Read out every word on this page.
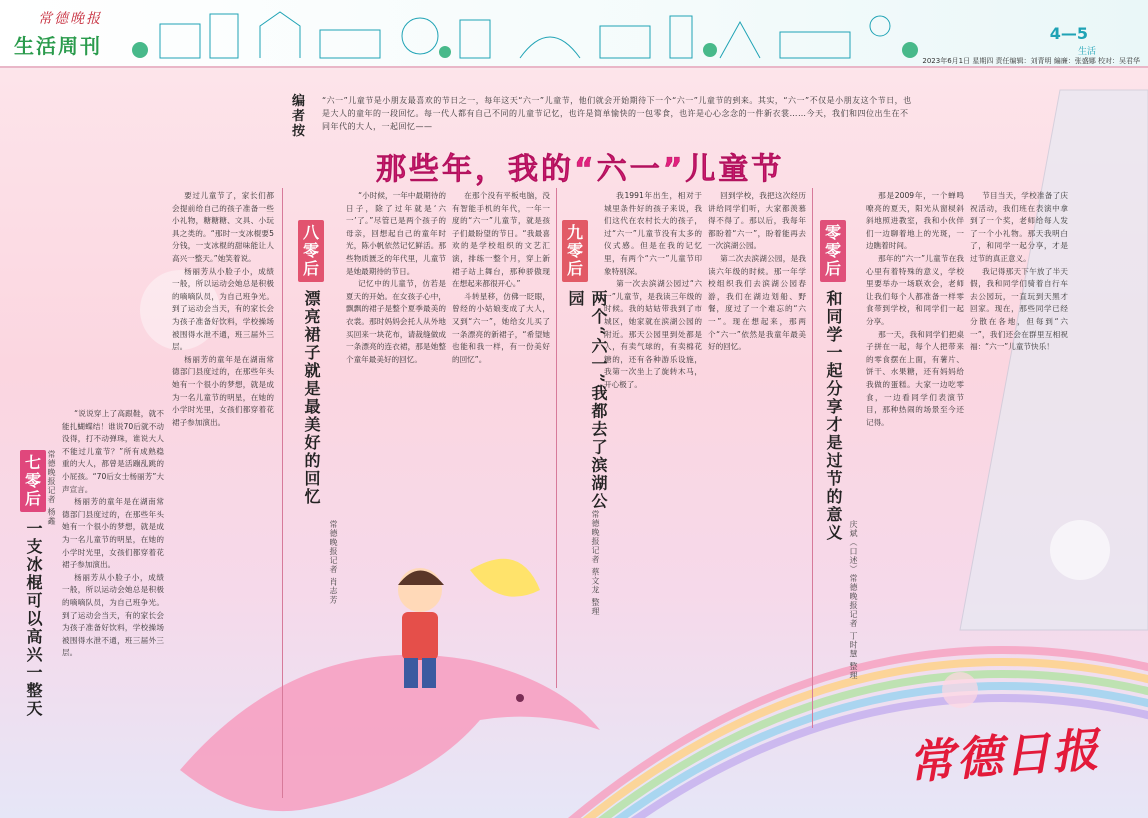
常德晚报
生活周刊
4—5
生活
2023年6月1日 星期四 责任编辑：刘青明 編廉：张盛娜 校对：吴君华
编者按
“六一”儿童节是小朋友最喜欢的节日之一，每年这天“六一”儿童节，他们就会开始期待下一个“六一”儿童节的到来。其实，“六一”不仅是小朋友这个节日，也是大人的童年的一段回忆。每一代人都有自己不同的儿童节记忆，也许是简单愉快的一包零食，也许是心心念念的一件新衣裳……今天，我们和四位出生在不同年代的大人，一起回忆——
那些年，我的“六一”儿童节
七零后
一支冰棍可以高兴一整天
常德晚报记者 杨鑫

“说说穿上了高跟鞋，就不能扎蝴蝶结！谁说70后就不动没得，打不动弹珠，谁说大人不能过儿童节？”所有成熟稳重的大人，都曾是活蹦乱跳的小屁孩。“70后女士杨丽芳”大声宣言。

杨丽芳的童年是在湖南常德部门县度过的，在那些年头她有一个很小的梦想，就是成为一名儿童节的明星，在她的小学时光里，女孩们都穿着花裙子参加演出。

杨丽芳从小脸子小，成绩一般，所以运动会她总是积极的嘀嘀队员，为自己班争光。到了运动会当天，有的家长会为孩子准备好饮料，学校操场被围得水泄不通，班三届外三层。

要过儿童节了，家长们都会提前给自己的孩子准备一些小礼物，糖糖糖、文具、小玩具之类的。“那时一支冰棍要5分钱，一支冰棍的甜味能让人高兴一整天。”她笑着说。

杨丽芳从小脸子小，成绩一般，所以运动会她总是积极的嘀嘀队员，为自己班争光。到了运动会当天，有的家长会为孩子准备好饮料，学校操场被围得水泄不通，班三届外三层。

杨丽芳的童年是在湖南常德部门县度过的，在那些年头她有一个很小的梦想，就是成为一名儿童节的明星，在她的小学时光里，女孩们都穿着花裙子参加演出。

八零后
漂亮裙子就是最美好的回忆
常德晚报记者 肖志芳

“小时候，一年中最期待的日子，除了过年就是‘六一’了。”尽管已是两个孩子的母亲，回想起自己的童年时光，陈小帆依然记忆鲜活。那些物质匮乏的年代里，儿童节是她最期待的节日。

记忆中的儿童节，仿若是夏天的开始。在女孩子心中，飘飘的裙子是整个夏季最美的衣裳。那时妈妈会托人从外地买回来一块花布，请裁缝做成一条漂亮的连衣裙，那是她整个童年最美好的回忆。

在那个没有平板电脑，没有智能手机的年代，一年一度的“六一”儿童节，就是孩子们最盼望的节日。“我最喜欢的是学校组织的文艺汇演，排练一整个月，穿上新裙子站上舞台，那种骄傲现在想起来都很开心。”

斗转星移，仿佛一眨眼，曾经的小姑娘变成了大人，又到“六一”，她给女儿买了一条漂亮的新裙子，“希望她也能和我一样，有一份美好的回忆”。

九零后
两个“六一”我都去了滨湖公园
常德晚报记者 蔡文龙 整理

我1991年出生，相对于城里条件好的孩子来说，我们这代在农村长大的孩子，过“六一”儿童节没有太多的仪式感。但是在我的记忆里，有两个“六一”儿童节印象特别深。

第一次去滨湖公园过“六一”儿童节，是我读三年级的时候。我的姑姑带我到了市城区，她家就在滨湖公园的附近。那天公园里到处都是人，有卖气球的，有卖棉花糖的，还有各种游乐设施，我第一次坐上了旋转木马，开心极了。

回到学校，我把这次经历讲给同学们听，大家都羡慕得不得了。那以后，我每年都盼着“六一”，盼着能再去一次滨湖公园。

第二次去滨湖公园，是我读六年级的时候。那一年学校组织我们去滨湖公园春游，我们在湖边划船、野餐，度过了一个难忘的“六一”。现在想起来，那两个“六一”依然是我童年最美好的回忆。

零零后
和同学一起分享才是过节的意义
庆斌（口述）常德晚报记者 丁时慧 整理

那是2009年，一个蝉鸣嘹亮的夏天，阳光从窗棂斜斜地照进教室，我和小伙伴们一边聊着地上的光斑，一边瞧着时间。

那年的“六一”儿童节在我心里有着特殊的意义，学校里要举办一场联欢会，老师让我们每个人都准备一样零食带到学校，和同学们一起分享。

那一天，我和同学们把桌子拼在一起，每个人把带来的零食摆在上面，有薯片、饼干、水果糖，还有妈妈给我做的蛋糕。大家一边吃零食，一边看同学们表演节目，那种热闹的场景至今还记得。

节目当天，学校准备了庆祝活动，我们班在表演中拿到了一个奖，老师给每人发了一个小礼物。那天我明白了，和同学一起分享，才是过节的真正意义。

我记得那天下午放了半天假，我和同学们骑着自行车去公园玩，一直玩到天黑才回家。现在，那些同学已经分散在各地，但每到“六一”，我们还会在群里互相祝福：“六一”儿童节快乐！

常德日报
